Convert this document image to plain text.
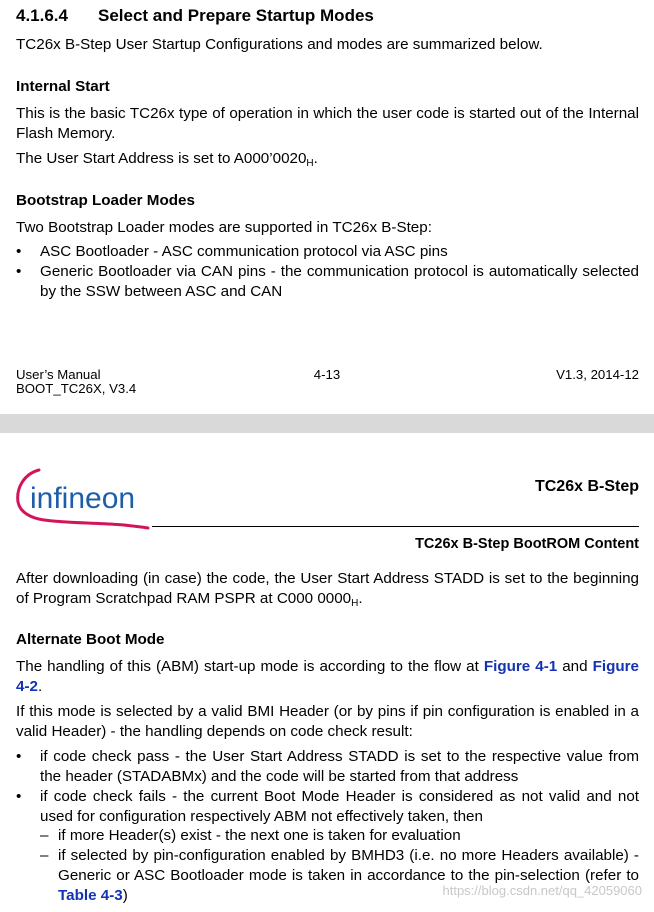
4.1.6.4 Select and Prepare Startup Modes
TC26x B-Step User Startup Configurations and modes are summarized below.
Internal Start
This is the basic TC26x type of operation in which the user code is started out of the Internal Flash Memory.
The User Start Address is set to $A000’0020_H$.
Bootstrap Loader Modes
Two Bootstrap Loader modes are supported in TC26x B-Step:
• ASC Bootloader - ASC communication protocol via ASC pins
• Generic Bootloader via CAN pins - the communication protocol is automatically selected by the SSW between ASC and CAN
User’s Manual
BOOT_TC26X, V3.4
4-13	V1.3, 2014-12
infineon	TC26x B-Step
TC26x B-Step BootROM Content
After downloading (in case) the code, the User Start Address STADD is set to the beginning of Program Scratchpad RAM PSPR at C000 $0000_H$.
Alternate Boot Mode
The handling of this (ABM) start-up mode is according to the flow at Figure 4-1 and Figure 4-2.
If this mode is selected by a valid BMI Header (or by pins if pin configuration is enabled in a valid Header) - the handling depends on code check result:
• if code check pass - the User Start Address STADD is set to the respective value from the header (STADABMx) and the code will be started from that address
• if code check fails - the current Boot Mode Header is considered as not valid and not used for configuration respectively ABM not effectively taken, then
– if more Header(s) exist - the next one is taken for evaluation
– if selected by pin-configuration enabled by BMHD3 (i.e. no more Headers available) - Generic or ASC Bootloader mode is taken in accordance to the pin-selection (refer to Table 4-3)	https://blog.csdn.net/qq_42059060
